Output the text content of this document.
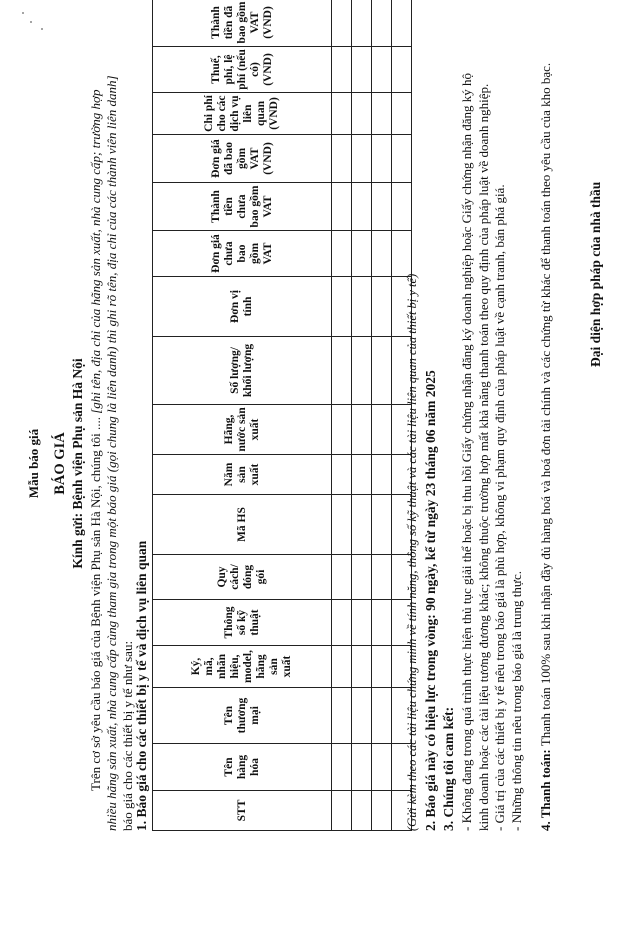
Mẫu báo giá BÁO GIÁ Kính gửi: Bệnh viện Phụ sản Hà Nội Trên cơ sở yêu cầu báo giá của Bệnh viện Phụ sản Hà Nội, chúng tôi .... [ghi tên, địa chỉ của hãng sản xuất, nhà cung cấp; trường hợp nhiều hãng sản xuất, nhà cung cấp cùng tham gia trong một báo giá (gọi chung là liên danh) thì ghi rõ tên, địa chỉ của các thành viên liên danh] báo giá cho các thiết bị y tế như sau: 1. Báo giá cho các thiết bị y tế và dịch vụ liên quan	STT	Tên hàng hóa	Tên thương mại	Ký, mã, nhãn hiệu, model, hãng sản xuất	Thông số kỹ thuật	Quy cách/ đóng gói	Mã HS	Năm sản xuất	Hãng, nước sản xuất	Số lượng/ khối lượng	Đơn vị tính	Đơn giá chưa bao gồm VAT	Thành tiền chưa bao gồm VAT	Đơn giá đã bao gồm VAT (VND)	Chi phí cho các dịch vụ liên quan (VND)	Thuế, phí, lệ phí (nếu có) (VND)	Thành tiền đã bao gồm VAT (VND)

(Gửi kèm theo các tài liệu chứng minh về tính năng, thông số kỹ thuật và các tài liệu liên quan của thiết bị y tế) 2. Báo giá này có hiệu lực trong vòng: 90 ngày, kể từ ngày 23 tháng 06 năm 2025 3. Chúng tôi cam kết: - Không đang trong quá trình thực hiện thủ tục giải thể hoặc bị thu hồi Giấy chứng nhận đăng ký doanh nghiệp hoặc Giấy chứng nhận đăng ký hộ kinh doanh hoặc các tài liệu tương đương khác; không thuộc trường hợp mất khả năng thanh toán theo quy định của pháp luật về doanh nghiệp. - Giá trị của các thiết bị y tế nêu trong báo giá là phù hợp, không vi phạm quy định của pháp luật về cạnh tranh, bán phá giá. - Những thông tin nêu trong báo giá là trung thực. 4. Thanh toán: Thanh toán 100% sau khi nhận đầy đủ hàng hoá và hoá đơn tài chính và các chứng từ khác để thanh toán theo yêu cầu của kho bạc.	Đại diện hợp pháp của nhà thầu
